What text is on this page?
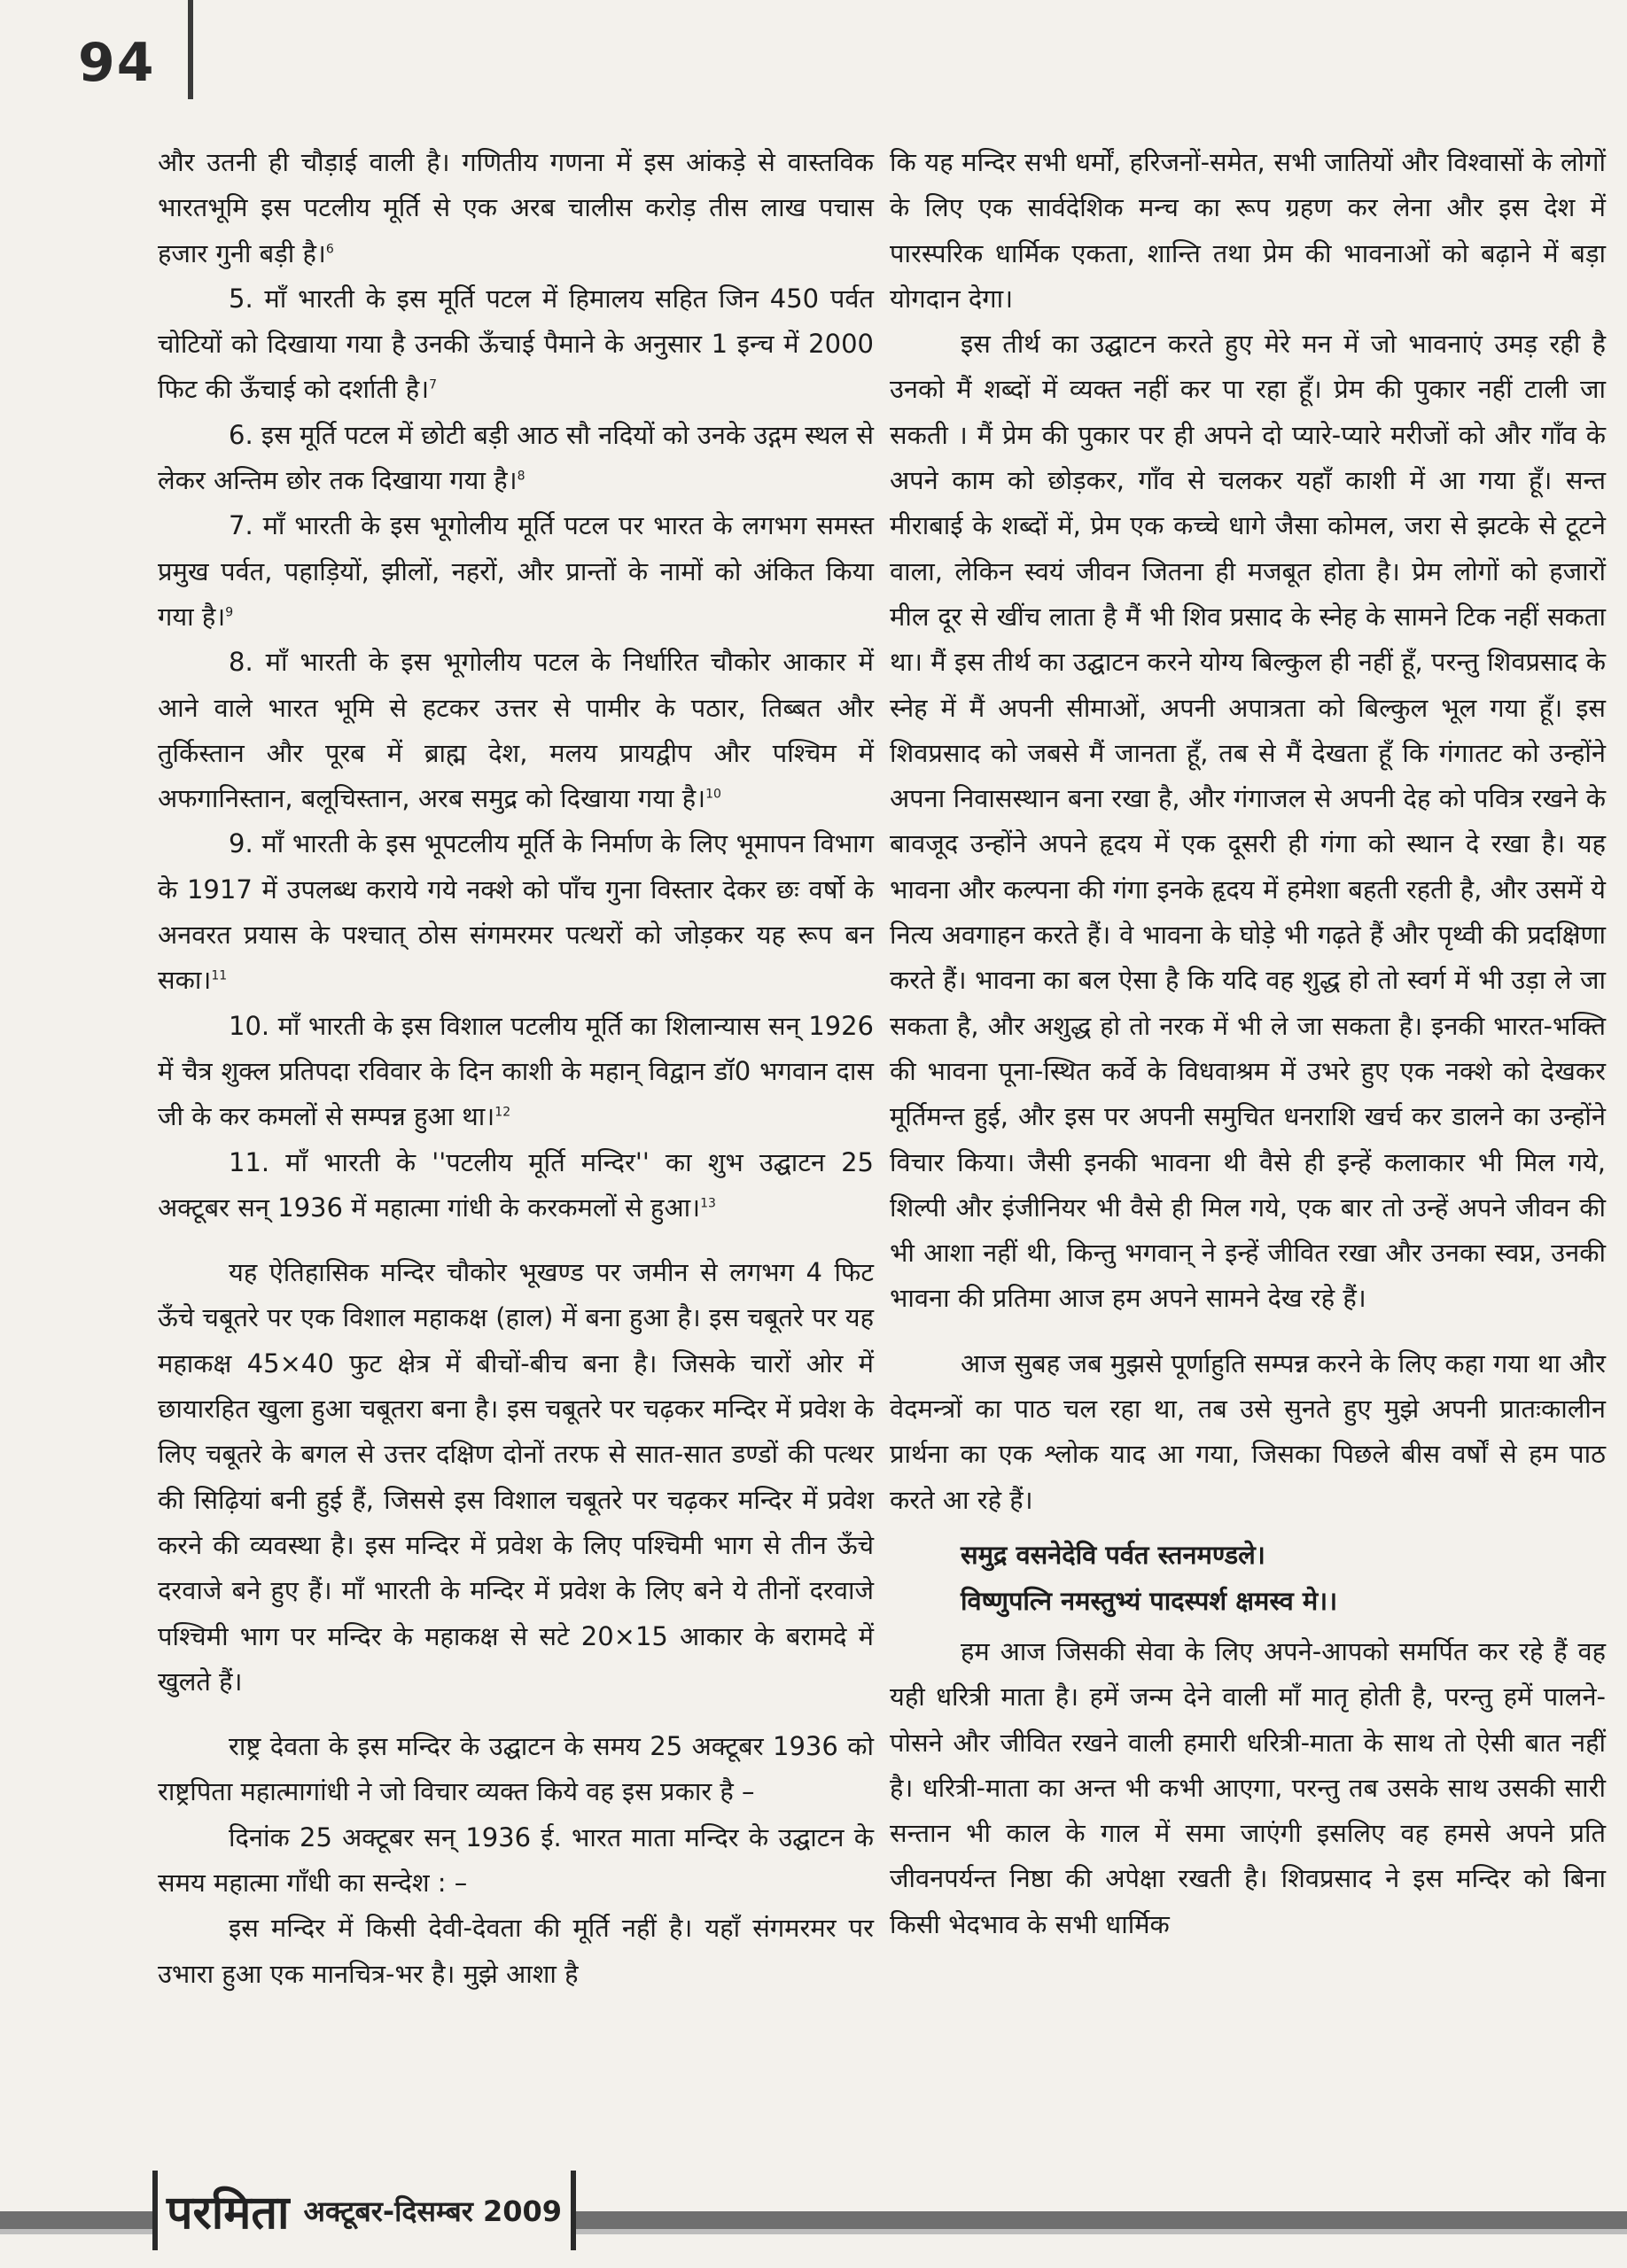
94

और उतनी ही चौड़ाई वाली है। गणितीय गणना में इस आंकड़े से वास्तविक भारतभूमि इस पटलीय मूर्ति से एक अरब चालीस करोड़ तीस लाख पचास हजार गुनी बड़ी है।$^6$

5. माँ भारती के इस मूर्ति पटल में हिमालय सहित जिन 450 पर्वत चोटियों को दिखाया गया है उनकी ऊँचाई पैमाने के अनुसार 1 इन्च में 2000 फिट की ऊँचाई को दर्शाती है।$^7$

6. इस मूर्ति पटल में छोटी बड़ी आठ सौ नदियों को उनके उद्गम स्थल से लेकर अन्तिम छोर तक दिखाया गया है।$^8$

7. माँ भारती के इस भूगोलीय मूर्ति पटल पर भारत के लगभग समस्त प्रमुख पर्वत, पहाड़ियों, झीलों, नहरों, और प्रान्तों के नामों को अंकित किया गया है।$^9$

8. माँ भारती के इस भूगोलीय पटल के निर्धारित चौकोर आकार में आने वाले भारत भूमि से हटकर उत्तर से पामीर के पठार, तिब्बत और तुर्किस्तान और पूरब में ब्राह्म देश, मलय प्रायद्वीप और पश्चिम में अफगानिस्तान, बलूचिस्तान, अरब समुद्र को दिखाया गया है।$^{10}$

9. माँ भारती के इस भूपटलीय मूर्ति के निर्माण के लिए भूमापन विभाग के 1917 में उपलब्ध कराये गये नक्शे को पाँच गुना विस्तार देकर छः वर्षो के अनवरत प्रयास के पश्चात् ठोस संगमरमर पत्थरों को जोड़कर यह रूप बन सका।$^{11}$

10. माँ भारती के इस विशाल पटलीय मूर्ति का शिलान्यास सन् 1926 में चैत्र शुक्ल प्रतिपदा रविवार के दिन काशी के महान् विद्वान डॉ0 भगवान दास जी के कर कमलों से सम्पन्न हुआ था।$^{12}$

11. माँ भारती के ''पटलीय मूर्ति मन्दिर'' का शुभ उद्घाटन 25 अक्टूबर सन् 1936 में महात्मा गांधी के करकमलों से हुआ।$^{13}$

यह ऐतिहासिक मन्दिर चौकोर भूखण्ड पर जमीन से लगभग 4 फिट ऊँचे चबूतरे पर एक विशाल महाकक्ष (हाल) में बना हुआ है। इस चबूतरे पर यह महाकक्ष 45×40 फुट क्षेत्र में बीचों-बीच बना है। जिसके चारों ओर में छायारहित खुला हुआ चबूतरा बना है। इस चबूतरे पर चढ़कर मन्दिर में प्रवेश के लिए चबूतरे के बगल से उत्तर दक्षिण दोनों तरफ से सात-सात डण्डों की पत्थर की सिढ़ियां बनी हुई हैं, जिससे इस विशाल चबूतरे पर चढ़कर मन्दिर में प्रवेश करने की व्यवस्था है। इस मन्दिर में प्रवेश के लिए पश्चिमी भाग से तीन ऊँचे दरवाजे बने हुए हैं। माँ भारती के मन्दिर में प्रवेश के लिए बने ये तीनों दरवाजे पश्चिमी भाग पर मन्दिर के महाकक्ष से सटे 20×15 आकार के बरामदे में खुलते हैं।

राष्ट्र देवता के इस मन्दिर के उद्घाटन के समय 25 अक्टूबर 1936 को राष्ट्रपिता महात्मागांधी ने जो विचार व्यक्त किये वह इस प्रकार है –

दिनांक 25 अक्टूबर सन् 1936 ई. भारत माता मन्दिर के उद्घाटन के समय महात्मा गाँधी का सन्देश : –

इस मन्दिर में किसी देवी-देवता की मूर्ति नहीं है। यहाँ संगमरमर पर उभारा हुआ एक मानचित्र-भर है। मुझे आशा है

कि यह मन्दिर सभी धर्मों, हरिजनों-समेत, सभी जातियों और विश्वासों के लोगों के लिए एक सार्वदेशिक मन्च का रूप ग्रहण कर लेना और इस देश में पारस्परिक धार्मिक एकता, शान्ति तथा प्रेम की भावनाओं को बढ़ाने में बड़ा योगदान देगा।

इस तीर्थ का उद्घाटन करते हुए मेरे मन में जो भावनाएं उमड़ रही है उनको मैं शब्दों में व्यक्त नहीं कर पा रहा हूँ। प्रेम की पुकार नहीं टाली जा सकती । मैं प्रेम की पुकार पर ही अपने दो प्यारे-प्यारे मरीजों को और गाँव के अपने काम को छोड़कर, गाँव से चलकर यहाँ काशी में आ गया हूँ। सन्त मीराबाई के शब्दों में, प्रेम एक कच्चे धागे जैसा कोमल, जरा से झटके से टूटने वाला, लेकिन स्वयं जीवन जितना ही मजबूत होता है। प्रेम लोगों को हजारों मील दूर से खींच लाता है मैं भी शिव प्रसाद के स्नेह के सामने टिक नहीं सकता था। मैं इस तीर्थ का उद्घाटन करने योग्य बिल्कुल ही नहीं हूँ, परन्तु शिवप्रसाद के स्नेह में मैं अपनी सीमाओं, अपनी अपात्रता को बिल्कुल भूल गया हूँ। इस शिवप्रसाद को जबसे मैं जानता हूँ, तब से मैं देखता हूँ कि गंगातट को उन्होंने अपना निवासस्थान बना रखा है, और गंगाजल से अपनी देह को पवित्र रखने के बावजूद उन्होंने अपने हृदय में एक दूसरी ही गंगा को स्थान दे रखा है। यह भावना और कल्पना की गंगा इनके हृदय में हमेशा बहती रहती है, और उसमें ये नित्य अवगाहन करते हैं। वे भावना के घोड़े भी गढ़ते हैं और पृथ्वी की प्रदक्षिणा करते हैं। भावना का बल ऐसा है कि यदि वह शुद्ध हो तो स्वर्ग में भी उड़ा ले जा सकता है, और अशुद्ध हो तो नरक में भी ले जा सकता है। इनकी भारत-भक्ति की भावना पूना-स्थित कर्वे के विधवाश्रम में उभरे हुए एक नक्शे को देखकर मूर्तिमन्त हुई, और इस पर अपनी समुचित धनराशि खर्च कर डालने का उन्होंने विचार किया। जैसी इनकी भावना थी वैसे ही इन्हें कलाकार भी मिल गये, शिल्पी और इंजीनियर भी वैसे ही मिल गये, एक बार तो उन्हें अपने जीवन की भी आशा नहीं थी, किन्तु भगवान् ने इन्हें जीवित रखा और उनका स्वप्न, उनकी भावना की प्रतिमा आज हम अपने सामने देख रहे हैं।

आज सुबह जब मुझसे पूर्णाहुति सम्पन्न करने के लिए कहा गया था और वेदमन्त्रों का पाठ चल रहा था, तब उसे सुनते हुए मुझे अपनी प्रातःकालीन प्रार्थना का एक श्लोक याद आ गया, जिसका पिछले बीस वर्षों से हम पाठ करते आ रहे हैं।

समुद्र वसनेदेवि पर्वत स्तनमण्डले।
विष्णुपत्नि नमस्तुभ्यं पादस्पर्श क्षमस्व मे।।

हम आज जिसकी सेवा के लिए अपने-आपको समर्पित कर रहे हैं वह यही धरित्री माता है। हमें जन्म देने वाली माँ मातृ होती है, परन्तु हमें पालने-पोसने और जीवित रखने वाली हमारी धरित्री-माता के साथ तो ऐसी बात नहीं है। धरित्री-माता का अन्त भी कभी आएगा, परन्तु तब उसके साथ उसकी सारी सन्तान भी काल के गाल में समा जाएंगी इसलिए वह हमसे अपने प्रति जीवनपर्यन्त निष्ठा की अपेक्षा रखती है। शिवप्रसाद ने इस मन्दिर को बिना किसी भेदभाव के सभी धार्मिक

परमिता अक्टूबर-दिसम्बर 2009
